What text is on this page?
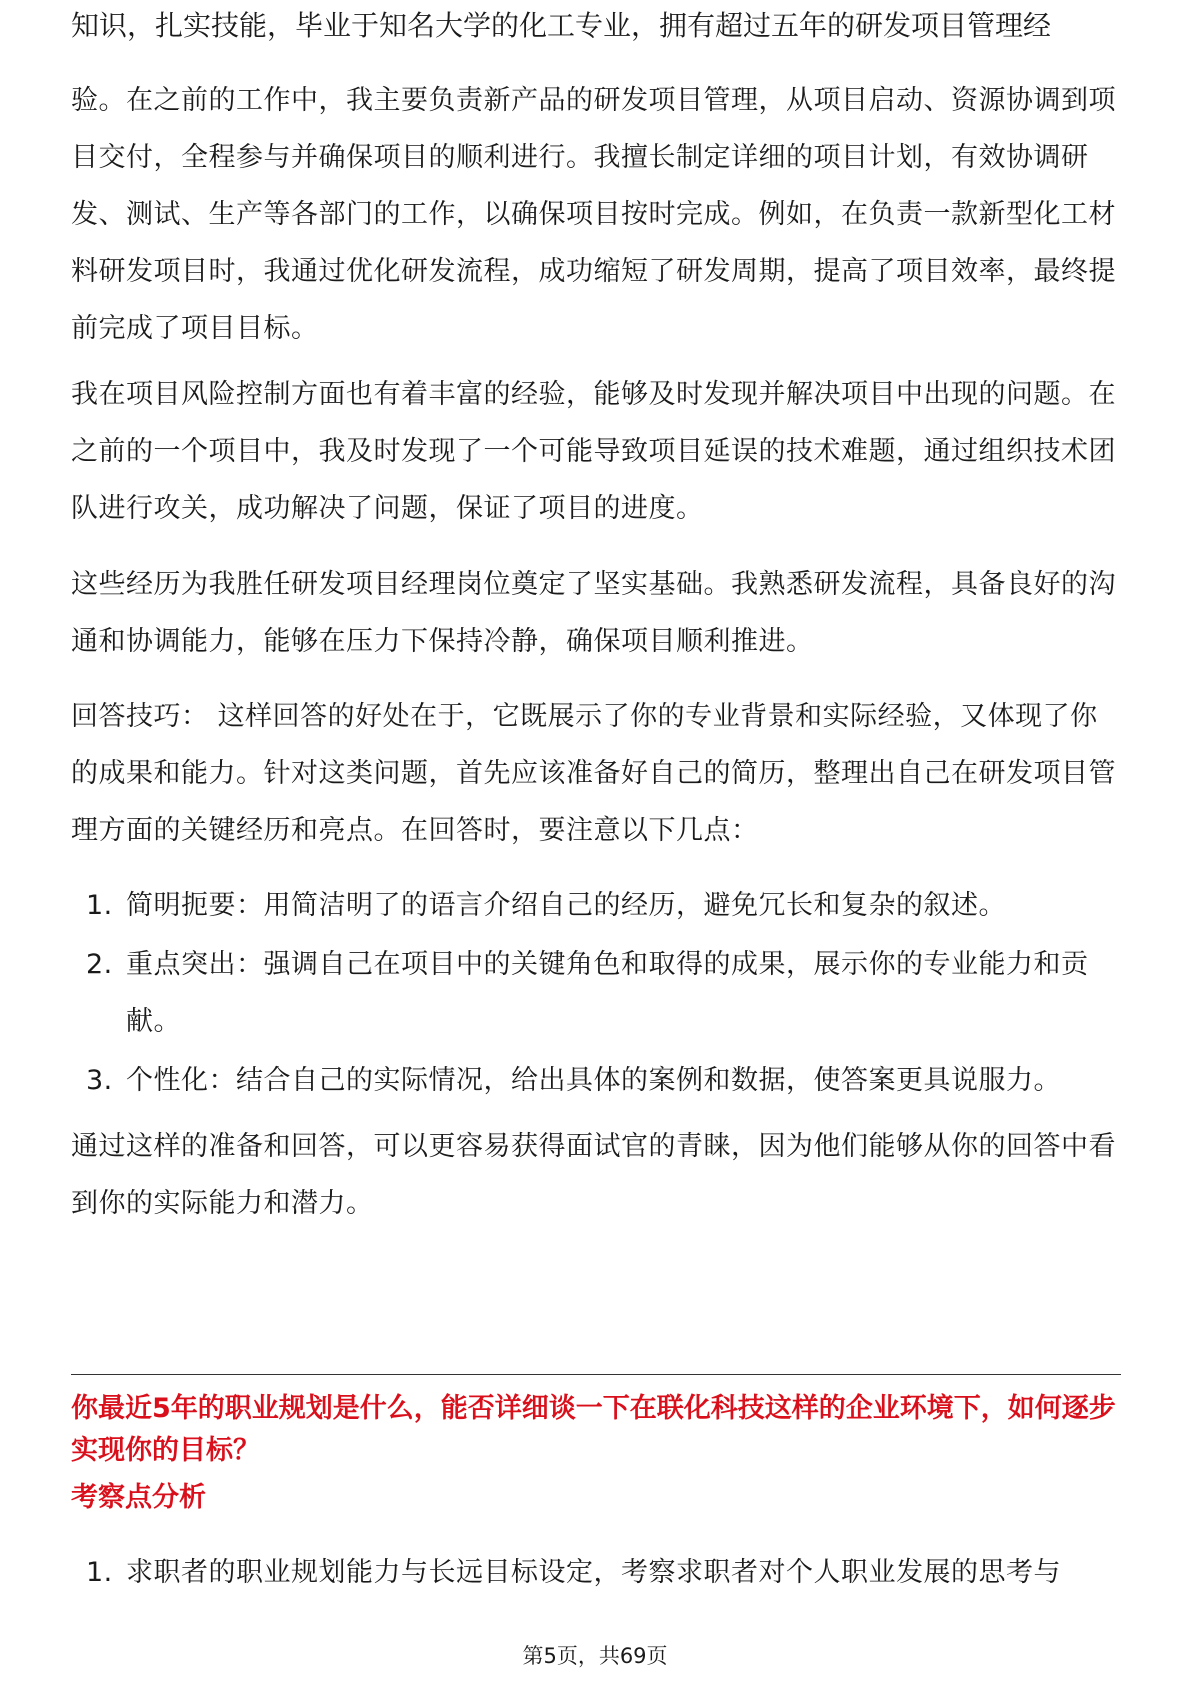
知识，扎实技能，毕业于知名大学的化工专业，拥有超过五年的研发项目管理经

验。在之前的工作中，我主要负责新产品的研发项目管理，从项目启动、资源协调到项目交付，全程参与并确保项目的顺利进行。我擅长制定详细的项目计划，有效协调研发、测试、生产等各部门的工作，以确保项目按时完成。例如，在负责一款新型化工材料研发项目时，我通过优化研发流程，成功缩短了研发周期，提高了项目效率，最终提前完成了项目目标。

我在项目风险控制方面也有着丰富的经验，能够及时发现并解决项目中出现的问题。在之前的一个项目中，我及时发现了一个可能导致项目延误的技术难题，通过组织技术团队进行攻关，成功解决了问题，保证了项目的进度。

这些经历为我胜任研发项目经理岗位奠定了坚实基础。我熟悉研发流程，具备良好的沟通和协调能力，能够在压力下保持冷静，确保项目顺利推进。

回答技巧： 这样回答的好处在于，它既展示了你的专业背景和实际经验，又体现了你的成果和能力。针对这类问题，首先应该准备好自己的简历，整理出自己在研发项目管理方面的关键经历和亮点。在回答时，要注意以下几点：

1. 简明扼要：用简洁明了的语言介绍自己的经历，避免冗长和复杂的叙述。
2. 重点突出：强调自己在项目中的关键角色和取得的成果，展示你的专业能力和贡献。
3. 个性化：结合自己的实际情况，给出具体的案例和数据，使答案更具说服力。

通过这样的准备和回答，可以更容易获得面试官的青睐，因为他们能够从你的回答中看到你的实际能力和潜力。

你最近5年的职业规划是什么，能否详细谈一下在联化科技这样的企业环境下，如何逐步实现你的目标？

考察点分析

1. 求职者的职业规划能力与长远目标设定，考察求职者对个人职业发展的思考与
第5页，共69页
